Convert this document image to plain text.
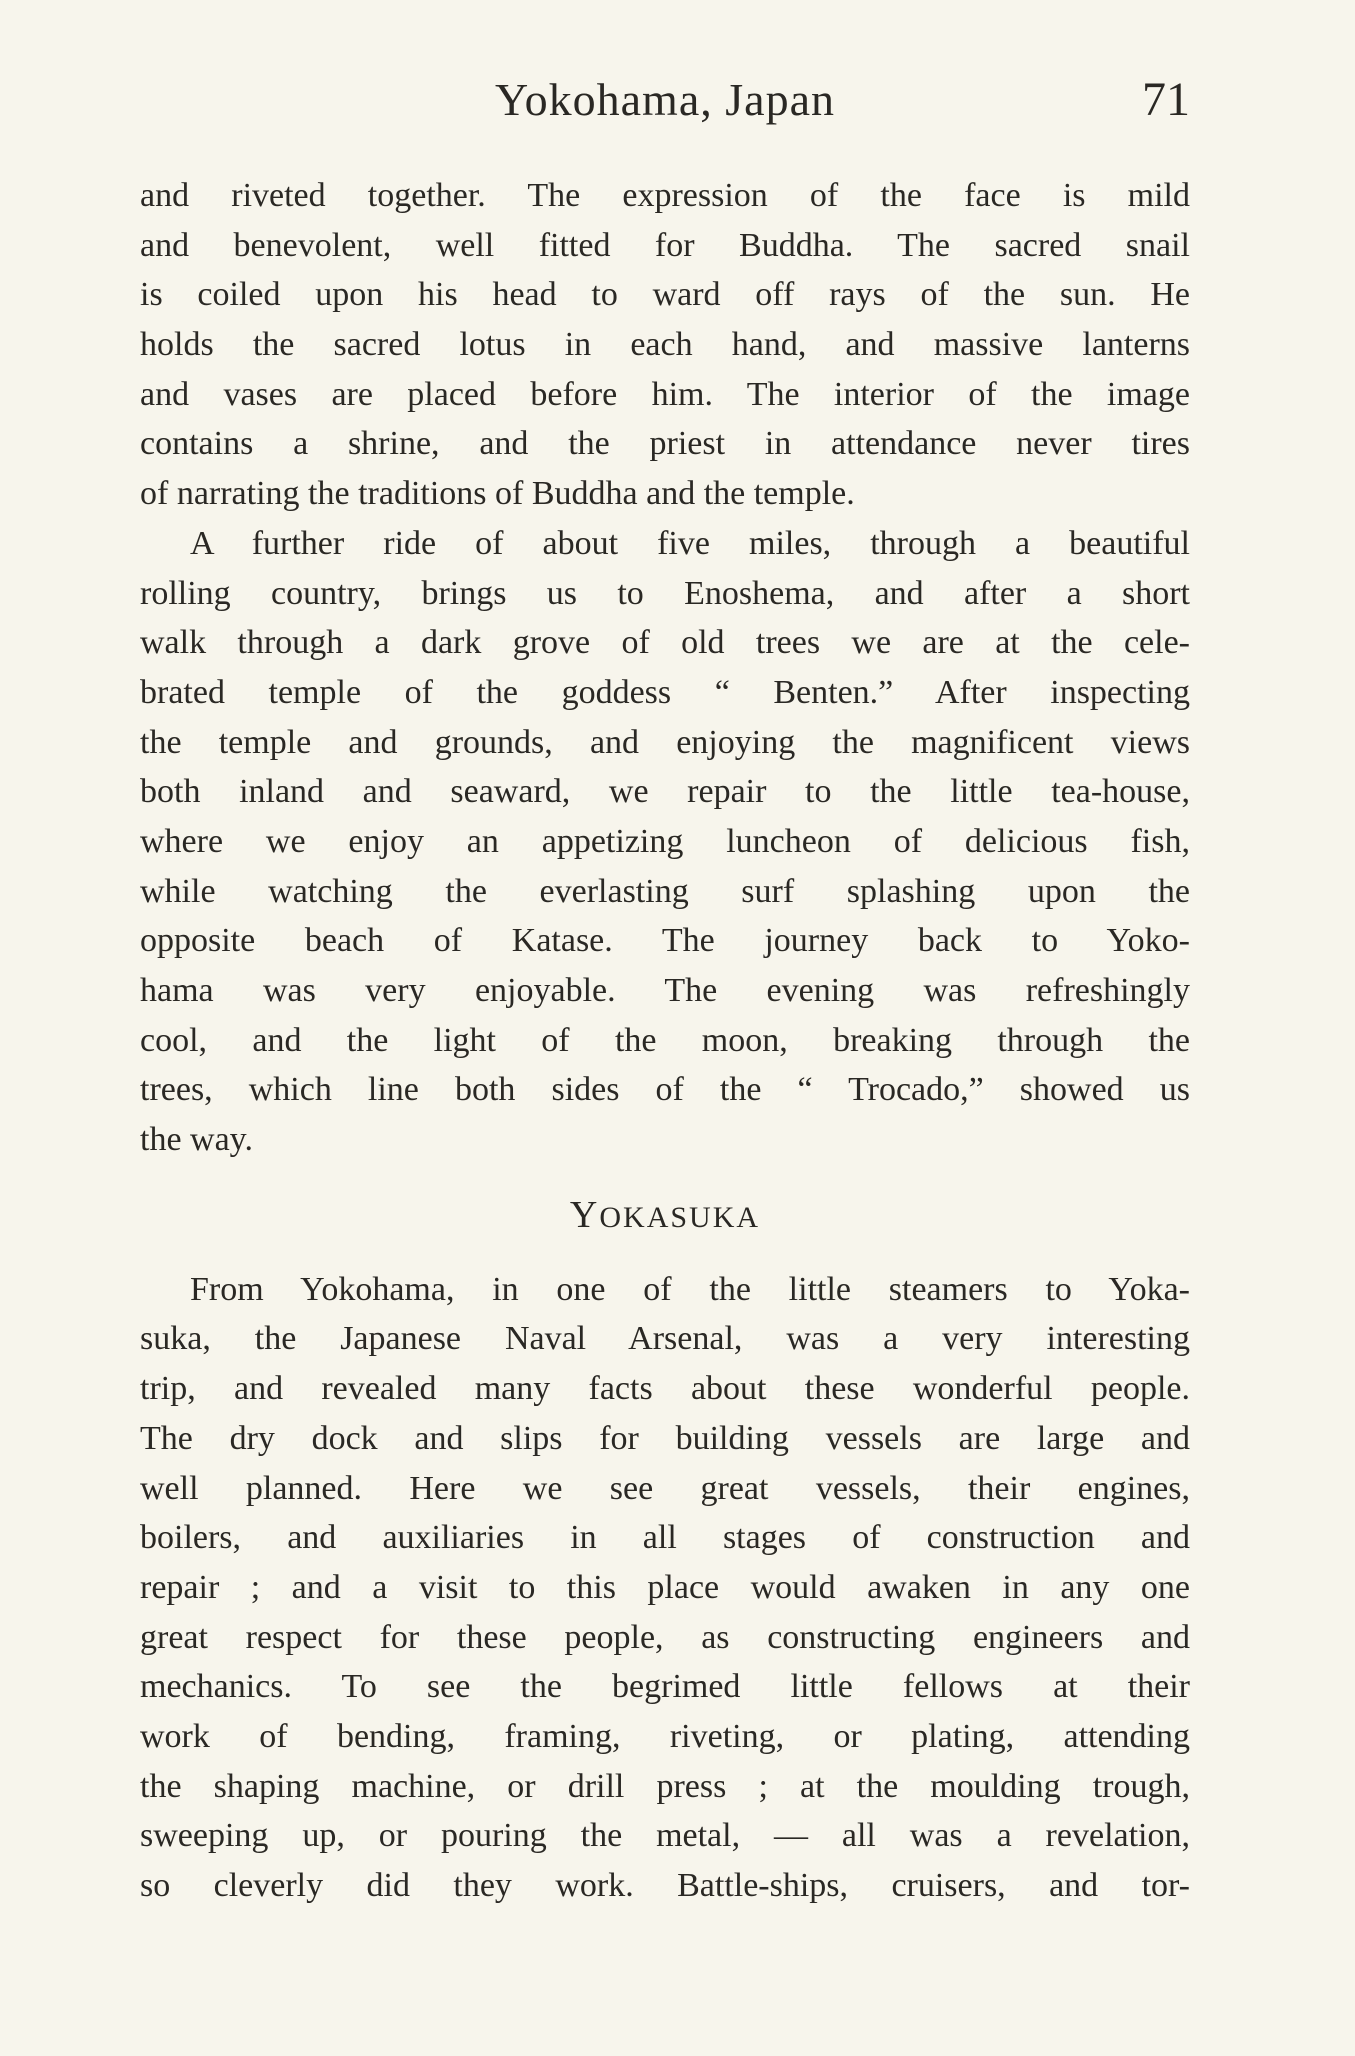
Yokohama, Japan	71
and riveted together. The expression of the face is mild
and benevolent, well fitted for Buddha. The sacred snail
is coiled upon his head to ward off rays of the sun. He
holds the sacred lotus in each hand, and massive lanterns
and vases are placed before him. The interior of the image
contains a shrine, and the priest in attendance never tires
of narrating the traditions of Buddha and the temple.
A further ride of about five miles, through a beautiful
rolling country, brings us to Enoshema, and after a short
walk through a dark grove of old trees we are at the cele-
brated temple of the goddess “ Benten.” After inspecting
the temple and grounds, and enjoying the magnificent views
both inland and seaward, we repair to the little tea-house,
where we enjoy an appetizing luncheon of delicious fish,
while watching the everlasting surf splashing upon the
opposite beach of Katase. The journey back to Yoko-
hama was very enjoyable. The evening was refreshingly
cool, and the light of the moon, breaking through the
trees, which line both sides of the “ Trocado,” showed us
the way.
YOKASUKA
From Yokohama, in one of the little steamers to Yoka-
suka, the Japanese Naval Arsenal, was a very interesting
trip, and revealed many facts about these wonderful people.
The dry dock and slips for building vessels are large and
well planned. Here we see great vessels, their engines,
boilers, and auxiliaries in all stages of construction and
repair ; and a visit to this place would awaken in any one
great respect for these people, as constructing engineers and
mechanics. To see the begrimed little fellows at their
work of bending, framing, riveting, or plating, attending
the shaping machine, or drill press ; at the moulding trough,
sweeping up, or pouring the metal, — all was a revelation,
so cleverly did they work. Battle-ships, cruisers, and tor-
